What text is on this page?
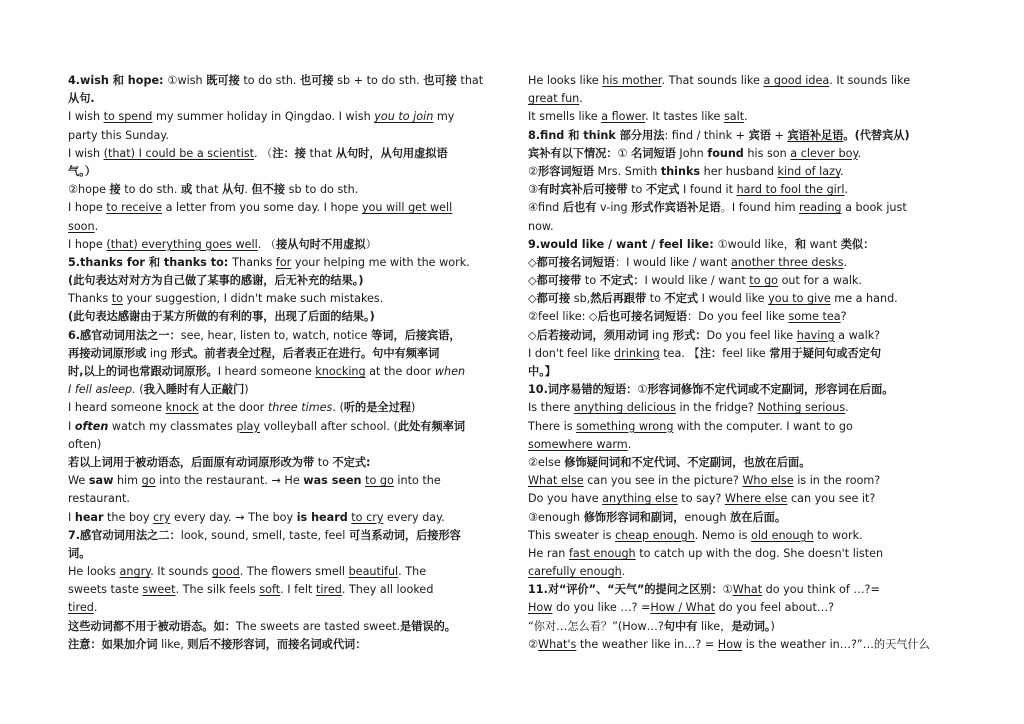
4.wish 和 hope: ①wish 既可接 to do sth. 也可接 sb + to do sth. 也可接 that
从句.
I wish to spend my summer holiday in Qingdao. I wish you to join my
party this Sunday.
I wish (that) I could be a scientist. （注：接 that 从句时，从句用虚拟语
气。）
②hope 接 to do sth. 或 that 从句. 但不接 sb to do sth.
I hope to receive a letter from you some day. I hope you will get well
soon.
I hope (that) everything goes well. （接从句时不用虚拟）
5.thanks for 和 thanks to: Thanks for your helping me with the work.
(此句表达对对方为自己做了某事的感谢，后无补充的结果。)
Thanks to your suggestion, I didn't make such mistakes.
(此句表达感谢由于某方所做的有利的事，出现了后面的结果。)
6.感官动词用法之一：see, hear, listen to, watch, notice 等词，后接宾语，
再接动词原形或 ing 形式。前者表全过程，后者表正在进行。句中有频率词
时,以上的词也常跟动词原形。I heard someone knocking at the door when
I fell asleep. (我入睡时有人正敲门)
I heard someone knock at the door three times. (听的是全过程)
I often watch my classmates play volleyball after school. (此处有频率词
often)
若以上词用于被动语态，后面原有动词原形改为带 to 不定式:
We saw him go into the restaurant. → He was seen to go into the
restaurant.
I hear the boy cry every day. → The boy is heard to cry every day.
7.感官动词用法之二：look, sound, smell, taste, feel 可当系动词，后接形容
词。
He looks angry. It sounds good. The flowers smell beautiful. The
sweets taste sweet. The silk feels soft. I felt tired. They all looked
tired.
这些动词都不用于被动语态。如：The sweets are tasted sweet.是错误的。
注意：如果加介词 like, 则后不接形容词，而接名词或代词：
He looks like his mother. That sounds like a good idea. It sounds like
great fun.
It smells like a flower. It tastes like salt.
8.find 和 think 部分用法: find / think + 宾语 + 宾语补足语。(代替宾从)
宾补有以下情况：① 名词短语 John found his son a clever boy.
②形容词短语 Mrs. Smith thinks her husband kind of lazy.
③有时宾补后可接带 to 不定式 I found it hard to fool the girl.
④find 后也有 v-ing 形式作宾语补足语。I found him reading a book just
now.
9.would like / want / feel like: ①would like，和 want 类似：
◇都可接名词短语：I would like / want another three desks.
◇都可接带 to 不定式：I would like / want to go out for a walk.
◇都可接 sb,然后再跟带 to 不定式 I would like you to give me a hand.
②feel like: ◇后也可接名词短语：Do you feel like some tea?
◇后若接动词，须用动词 ing 形式：Do you feel like having a walk?
I don't feel like drinking tea. 【注：feel like 常用于疑问句或否定句
中。】
10.词序易错的短语：①形容词修饰不定代词或不定副词，形容词在后面。
Is there anything delicious in the fridge? Nothing serious.
There is something wrong with the computer. I want to go
somewhere warm.
②else 修饰疑问词和不定代词、不定副词，也放在后面。
What else can you see in the picture? Who else is in the room?
Do you have anything else to say? Where else can you see it?
③enough 修饰形容词和副词，enough 放在后面。
This sweater is cheap enough. Nemo is old enough to work.
He ran fast enough to catch up with the dog. She doesn't listen
carefully enough.
11.对“评价”、“天气”的提问之区别：①What do you think of …?=
How do you like …? =How / What do you feel about…?
“你对…怎么看？”(How…?句中有 like，是动词。)
②What's the weather like in…? = How is the weather in…?”…的天气什么
